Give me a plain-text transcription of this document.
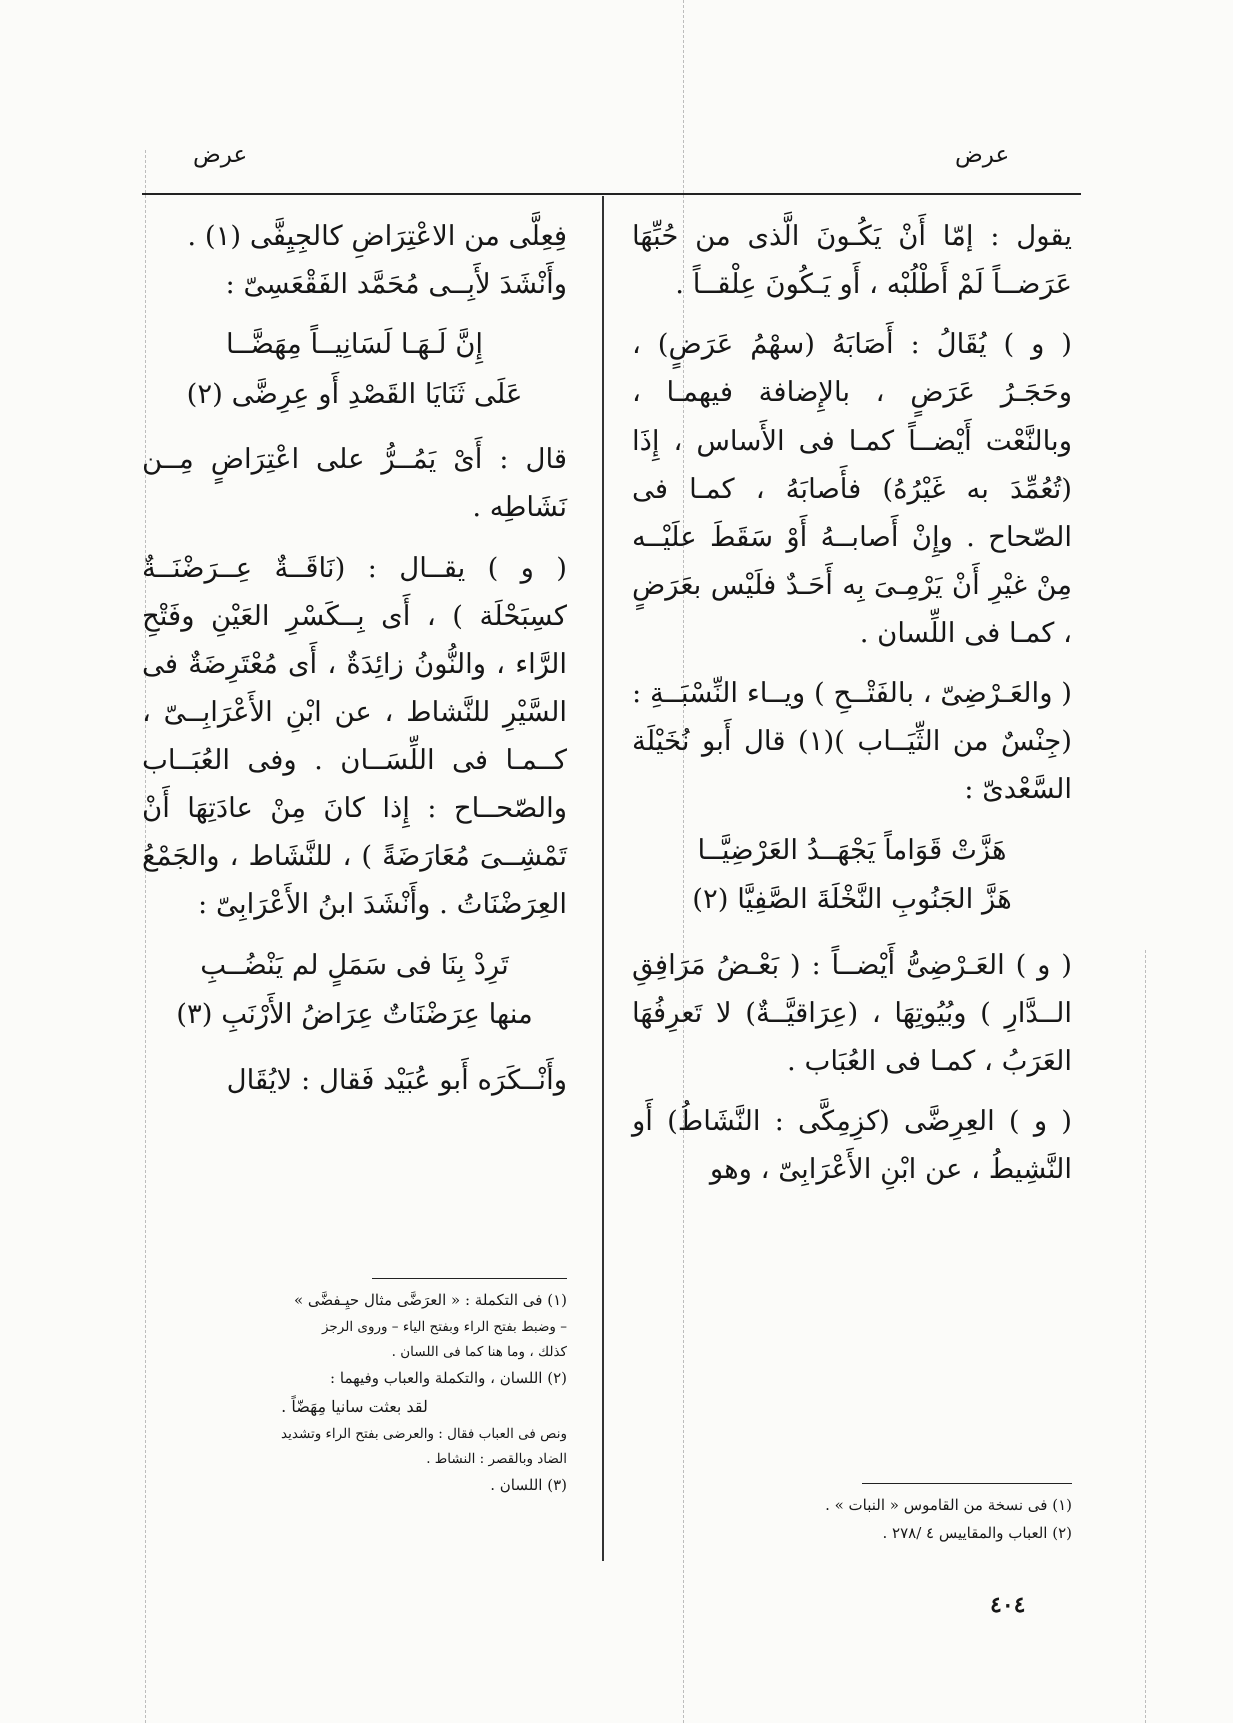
عرض
عرض

يقول : إمّا أَنْ يَكُـونَ الَّذى من حُبِّهَا عَرَضــاً لَمْ أَطْلُبْه ، أَو يَـكُونَ عِلْقــاً .

( و ) يُقَالُ : أَصَابَهُ (سهْمُ عَرَضٍ) ، وحَجَـرُ عَرَضٍ ، بالإِضافة فيهمـا ، وبالنَّعْت أَيْضــاً كمـا فى الأَساس ، إِذَا (تُعُمِّدَ به غَيْرُهُ) فأَصابَهُ ، كمـا فى الصّحاح . وإِنْ أَصابــهُ أَوْ سَقَطَ علَيْــه مِنْ غيْرِ أَنْ يَرْمِـىَ بِه أَحَـدٌ فلَيْس بعَرَضٍ ، كمـا فى اللِّسان .

( والعَـرْضِىّ ، بالفَتْــحِ ) ويــاء النِّسْبَــةِ : (جِنْسٌ من الثِّيَــاب )(١) قال أَبو نُخَيْلَة السَّعْدىّ :

هَزَّتْ قَوَاماً يَجْهَــدُ العَرْضِيَّــا
هَزَّ الجَنُوبِ النَّخْلَةَ الصَّفِيَّا (٢)

( و ) العَـرْضِىُّ أَيْضــاً : ( بَعْـضُ مَرَافِقِ الــدَّارِ ) وبُيُوتِهَا ، (عِرَاقيَّــةٌ) لا تَعرِفُهَا العَرَبُ ، كمـا فى العُبَاب .

( و ) العِرِضَّى (كزِمِكَّى : النَّشَاطُ) أَو النَّشِيطُ ، عن ابْنِ الأَعْرَابِىّ ، وهو

فِعِلَّى من الاعْتِرَاضِ كالجِيِفَّى (١) .

وأَنْشَدَ لأَبِــى مُحَمَّد الفَقْعَسِىّ :

إِنَّ لَـهَـا لَسَانِيــاً مِهَضَّــا
عَلَى ثَنَايَا القَصْدِ أَو عِرِضَّى (٢)

قال : أَىْ يَمُــرُّ على اعْتِرَاضٍ مِــن نَشَاطِه .

( و ) يقــال : (نَاقَــةٌ عِــرَضْنَــةٌ كسِبَحْلَة ) ، أَى بِــكَسْرِ العَيْنِ وفَتْحِ الرَّاء ، والنُّونُ زائِدَةٌ ، أَى مُعْتَرِضَةٌ فى السَّيْرِ للنَّشاط ، عن ابْنِ الأَعْرَابِــىّ ، كــمـا فى اللِّسَــان . وفى العُبَــاب والصّحــاح : إِذا كانَ مِنْ عادَتِهَا أَنْ تَمْشِــىَ مُعَارَضَةً ) ، للنَّشَاط ، والجَمْعُ العِرَضْنَاتُ . وأَنْشَدَ ابنُ الأَعْرَابِىّ :

تَرِدْ بِنَا فى سَمَلٍ لم يَنْضُــبِ
منها عِرَضْنَاتٌ عِرَاضُ الأَرْنَبِ (٣)

وأَنْــكَرَه أَبو عُبَيْد فَقال : لايُقَال

(١) فى نسخة من القاموس « النبات » .
(٢) العباب والمقاييس ٤ /٢٧٨ .
(١) فى التكملة : « العرَضَّى مثال حيِـفضَّى »
– وضبط بفتح الراء وبفتح الياء – وروى الرجز
كذلك ، وما هنا كما فى اللسان .
(٢) اللسان ، والتكملة والعباب وفيهما :
لقد بعثت سانيا مِهَضّاً .
ونص فى العباب فقال : والعرضى بفتح الراء وتشديد
الضاد وبالقصر : النشاط .
(٣) اللسان .
٤٠٤
